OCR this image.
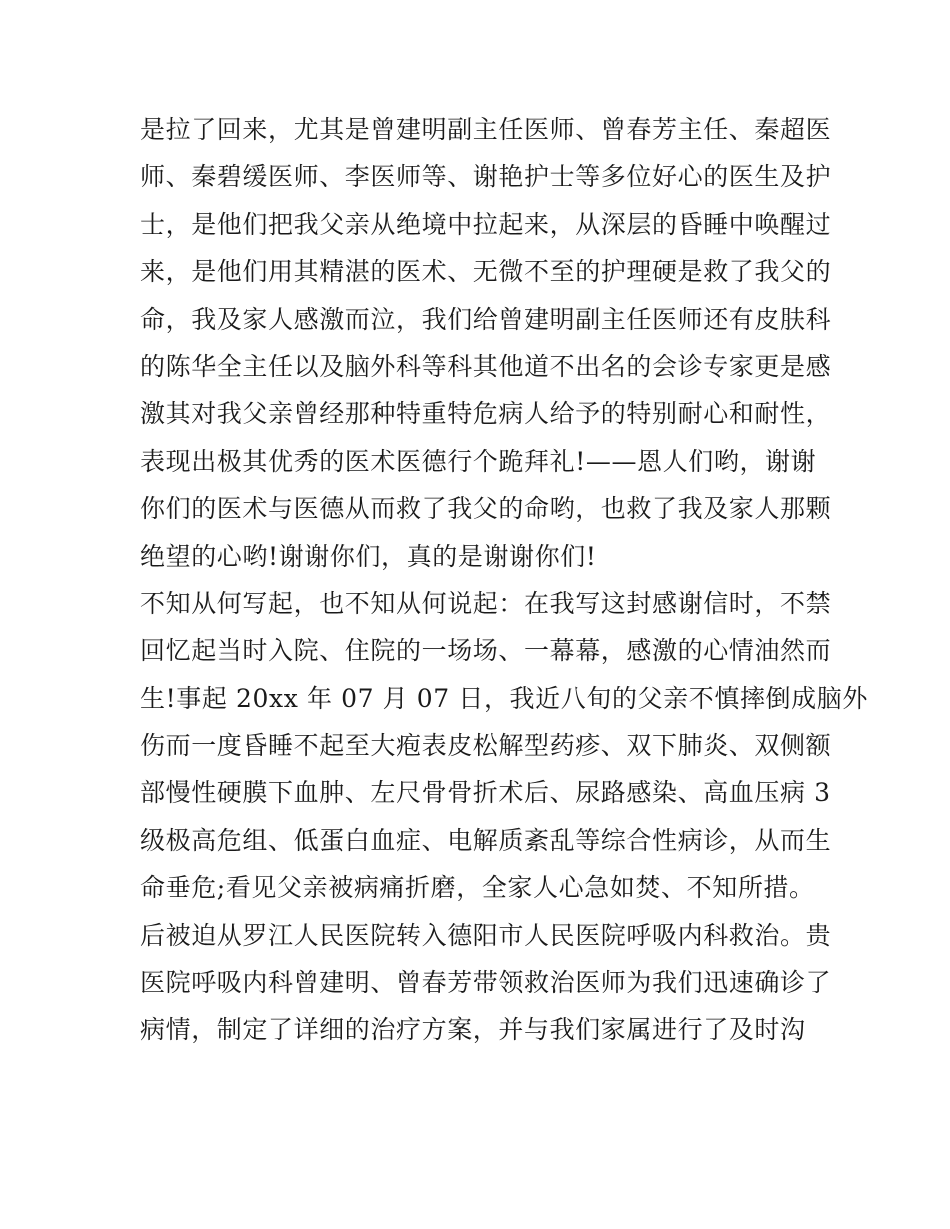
是拉了回来，尤其是曾建明副主任医师、曾春芳主任、秦超医
师、秦碧缓医师、李医师等、谢艳护士等多位好心的医生及护
士，是他们把我父亲从绝境中拉起来，从深层的昏睡中唤醒过
来，是他们用其精湛的医术、无微不至的护理硬是救了我父的
命，我及家人感激而泣，我们给曾建明副主任医师还有皮肤科
的陈华全主任以及脑外科等科其他道不出名的会诊专家更是感
激其对我父亲曾经那种特重特危病人给予的特别耐心和耐性，
表现出极其优秀的医术医德行个跪拜礼!——恩人们哟，谢谢
你们的医术与医德从而救了我父的命哟，也救了我及家人那颗
绝望的心哟!谢谢你们，真的是谢谢你们!
不知从何写起，也不知从何说起：在我写这封感谢信时，不禁
回忆起当时入院、住院的一场场、一幕幕，感激的心情油然而
生!事起 20xx 年 07 月 07 日，我近八旬的父亲不慎摔倒成脑外
伤而一度昏睡不起至大疱表皮松解型药疹、双下肺炎、双侧额
部慢性硬膜下血肿、左尺骨骨折术后、尿路感染、高血压病 3
级极高危组、低蛋白血症、电解质紊乱等综合性病诊，从而生
命垂危;看见父亲被病痛折磨，全家人心急如焚、不知所措。
后被迫从罗江人民医院转入德阳市人民医院呼吸内科救治。贵
医院呼吸内科曾建明、曾春芳带领救治医师为我们迅速确诊了
病情，制定了详细的治疗方案，并与我们家属进行了及时沟
